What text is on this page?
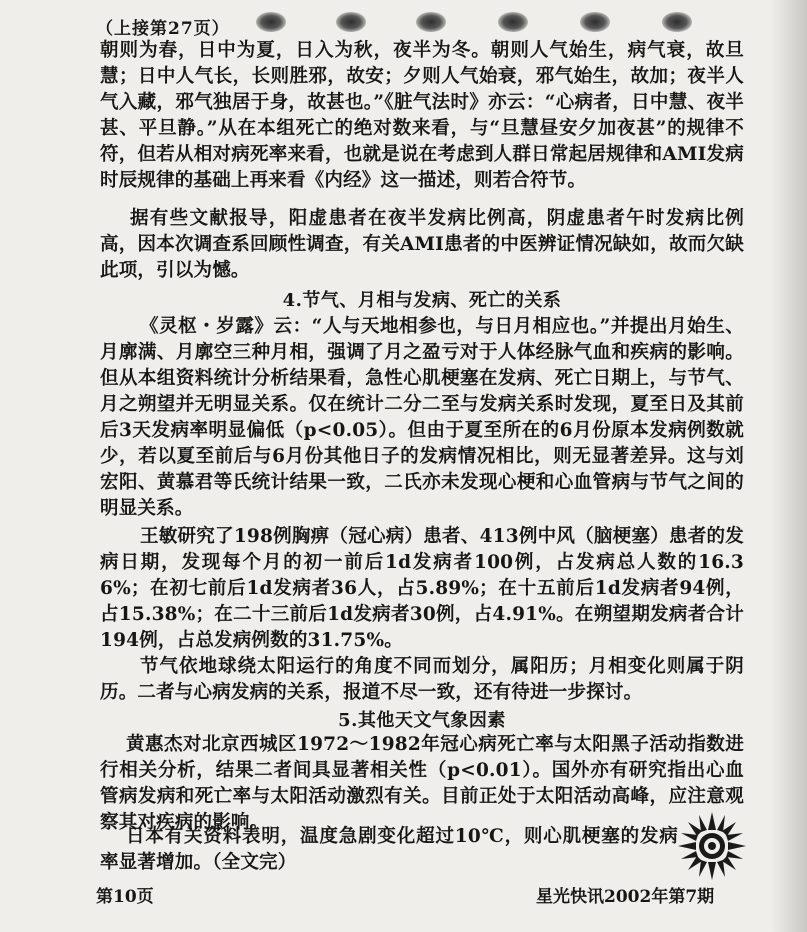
（上接第27页）

朝则为春，日中为夏，日入为秋，夜半为冬。朝则人气始生，病气衰，故旦慧；日中人气长，长则胜邪，故安；夕则人气始衰，邪气始生，故加；夜半人气入藏，邪气独居于身，故甚也。”《脏气法时》亦云：“心病者，日中慧、夜半甚、平旦静。”从在本组死亡的绝对数来看，与“旦慧昼安夕加夜甚”的规律不符，但若从相对病死率来看，也就是说在考虑到人群日常起居规律和AMI发病时辰规律的基础上再来看《内经》这一描述，则若合符节。

据有些文献报导，阳虚患者在夜半发病比例高，阴虚患者午时发病比例高，因本次调查系回顾性调查，有关AMI患者的中医辨证情况缺如，故而欠缺此项，引以为憾。

4.节气、月相与发病、死亡的关系

《灵枢・岁露》云：“人与天地相参也，与日月相应也。”并提出月始生、月廓满、月廓空三种月相，强调了月之盈亏对于人体经脉气血和疾病的影响。但从本组资料统计分析结果看，急性心肌梗塞在发病、死亡日期上，与节气、月之朔望并无明显关系。仅在统计二分二至与发病关系时发现，夏至日及其前后3天发病率明显偏低（p<0.05）。但由于夏至所在的6月份原本发病例数就少，若以夏至前后与6月份其他日子的发病情况相比，则无显著差异。这与刘宏阳、黄慕君等氏统计结果一致，二氏亦未发现心梗和心血管病与节气之间的明显关系。

王敏研究了198例胸痹（冠心病）患者、413例中风（脑梗塞）患者的发病日期，发现每个月的初一前后1d发病者100例，占发病总人数的16.36%；在初七前后1d发病者36人，占5.89%；在十五前后1d发病者94例，占15.38%；在二十三前后1d发病者30例，占4.91%。在朔望期发病者合计194例，占总发病例数的31.75%。

节气依地球绕太阳运行的角度不同而划分，属阳历；月相变化则属于阴历。二者与心病发病的关系，报道不尽一致，还有待进一步探讨。

5.其他天文气象因素

黄惠杰对北京西城区1972～1982年冠心病死亡率与太阳黑子活动指数进行相关分析，结果二者间具显著相关性（p<0.01）。国外亦有研究指出心血管病发病和死亡率与太阳活动激烈有关。目前正处于太阳活动高峰，应注意观察其对疾病的影响。

日本有关资料表明，温度急剧变化超过10℃，则心肌梗塞的发病率显著增加。（全文完）

第10页	星光快讯2002年第7期
